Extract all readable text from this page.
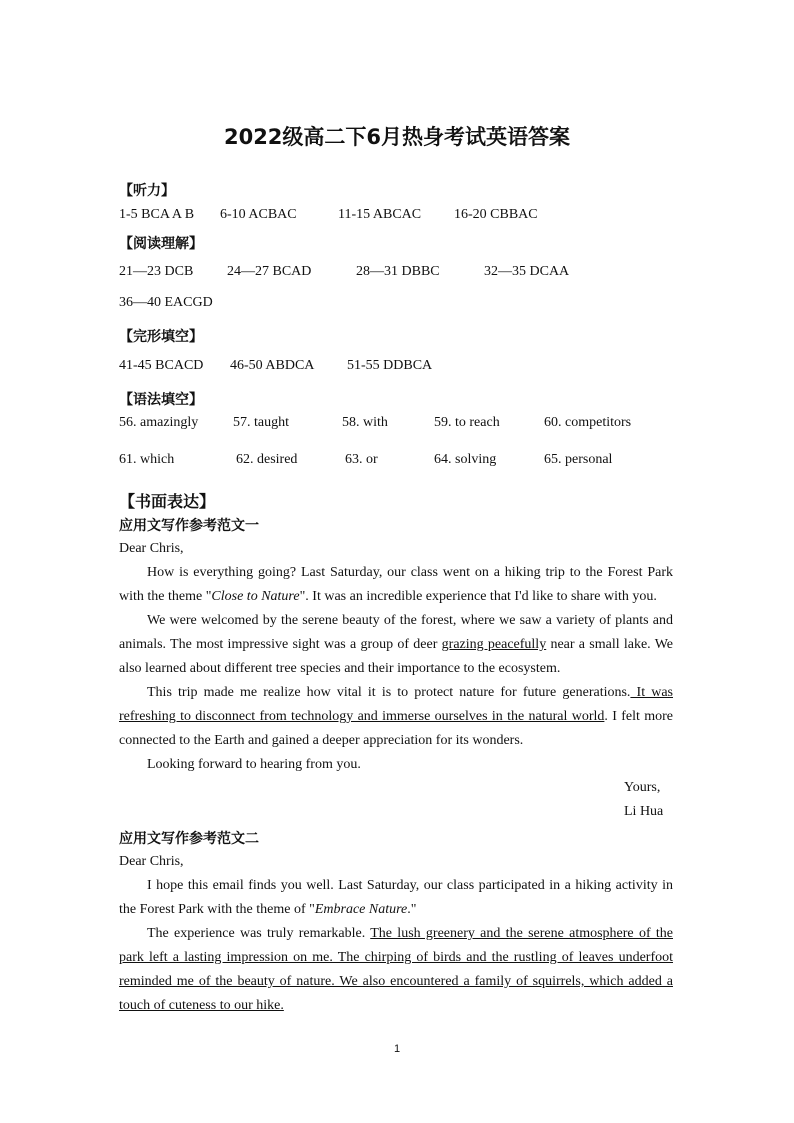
2022级高二下6月热身考试英语答案
【听力】
1-5 BCA A B 6-10 ACBAC	11-15 ABCAC 16-20 CBBAC
【阅读理解】
21—23 DCB 24—27 BCAD	28—31 DBBC	32—35 DCAA
36—40 EACGD
【完形填空】
41-45 BCACD 46-50 ABDCA 51-55 DDBCA
【语法填空】
56. amazingly 57. taught	58. with	59. to reach	60. competitors
61. which	62. desired	63. or	64. solving	65. personal
【书面表达】
应用文写作参考范文一

Dear Chris,

How is everything going? Last Saturday, our class went on a hiking trip to the Forest Park with the theme "Close to Nature". It was an incredible experience that I'd like to share with you.

We were welcomed by the serene beauty of the forest, where we saw a variety of plants and animals. The most impressive sight was a group of deer grazing peacefully near a small lake. We also learned about different tree species and their importance to the ecosystem.

This trip made me realize how vital it is to protect nature for future generations. It was refreshing to disconnect from technology and immerse ourselves in the natural world. I felt more connected to the Earth and gained a deeper appreciation for its wonders.

Looking forward to hearing from you.

Yours,
Li Hua
应用文写作参考范文二

Dear Chris,

I hope this email finds you well. Last Saturday, our class participated in a hiking activity in the Forest Park with the theme of "Embrace Nature."

The experience was truly remarkable. The lush greenery and the serene atmosphere of the park left a lasting impression on me. The chirping of birds and the rustling of leaves underfoot reminded me of the beauty of nature. We also encountered a family of squirrels, which added a touch of cuteness to our hike.

1
